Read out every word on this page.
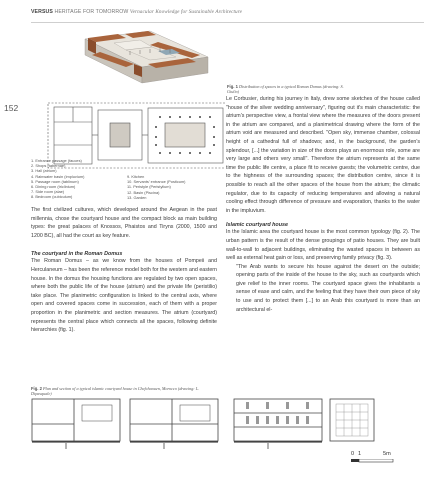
VERSUS HERITAGE FOR TOMORROW Vernacular Knowledge for Sustainable Architecture
152
Fig. 1 Distribution of spaces in a typical Roman Domus (drawing: S. Giulio)
1. Entrance passage (fauces)
2. Shops (tabernae)
3. Hall (atrium)
4. Rainwater basin (impluvium)
5. Passage room (tablinum)
6. Dining room (triclinium)
7. Side room (alae)
8. Bedroom (cubiculum)
9. Kitchen
10. Servants' entrance (Posticum)
11. Peristyle (Peristylium)
12. Basin (Piscina)
13. Garden
The first civilized cultures, which developed around the Aegean in the past millennia, chose the courtyard house and the compact block as main building types: the great palaces of Knossos, Phaistos and Tiryns (2000, 1500 and 1200 BC), all had the court as key feature.
The courtyard in the Roman Domus
The Roman Domus – as we know from the houses of Pompeii and Herculaneum – has been the reference model both for the western and eastern house. In the domus the housing functions are regulated by two open spaces, where both the public life of the house (atrium) and the private life (peristilio) take place. The planimetric configuration is linked to the central axis, where open and covered spaces come in succession, each of them with a proper proportion in the planimetric and section measures. The atrium (courtyard) represents the central place which connects all the spaces, following definite hierarchies (fig. 1).
Fig. 2 Plan and section of a typical islamic courtyard house in Chefchaouen, Morocco (drawing: L. Dipasquale)
0 1	5m
Le Corbusier, during his journey in Italy, drew some sketches of the house called "house of the silver wedding anniversary", figuring out it's main characteristic: the atrium's perspective view, a frontal view where the measures of the doors present in the atrium are compared, and a planimetrical drawing where the form of the atrium void are measured and described. "Open sky, immense chamber, colossal height of a cathedral full of shadows; and, in the background, the garden's splendour, [...] the variation in size of the doors plays an enormous role, some are very large and others very small". Therefore the atrium represents at the same time the public life centre, a place fit to receive guests; the volumetric centre, due to the highness of the surrounding spaces; the distribution centre, since it is possible to reach all the other spaces of the house from the atrium; the climatic regulator, due to its capacity of reducing temperatures and allowing a natural cooling effect through difference of pressure and evaporation, thanks to the water in the impluvium.
Islamic courtyard house
In the Islamic area the courtyard house is the most common typology (fig. 2). The urban pattern is the result of the dense groupings of patio houses. They are built wall-to-wall to adjacent buildings, eliminating the wasted spaces in between as well as external heat gain or loss, and preserving family privacy (fig. 3).
"The Arab wants to secure his house against the desert on the outside; opening parts of the inside of the house to the sky, such as courtyards which give relief to the inner rooms. The courtyard space gives the inhabitants a sense of ease and calm, and the feeling that they have their own piece of sky to use and to protect them [...] to an Arab this courtyard is more than an architectural el-
